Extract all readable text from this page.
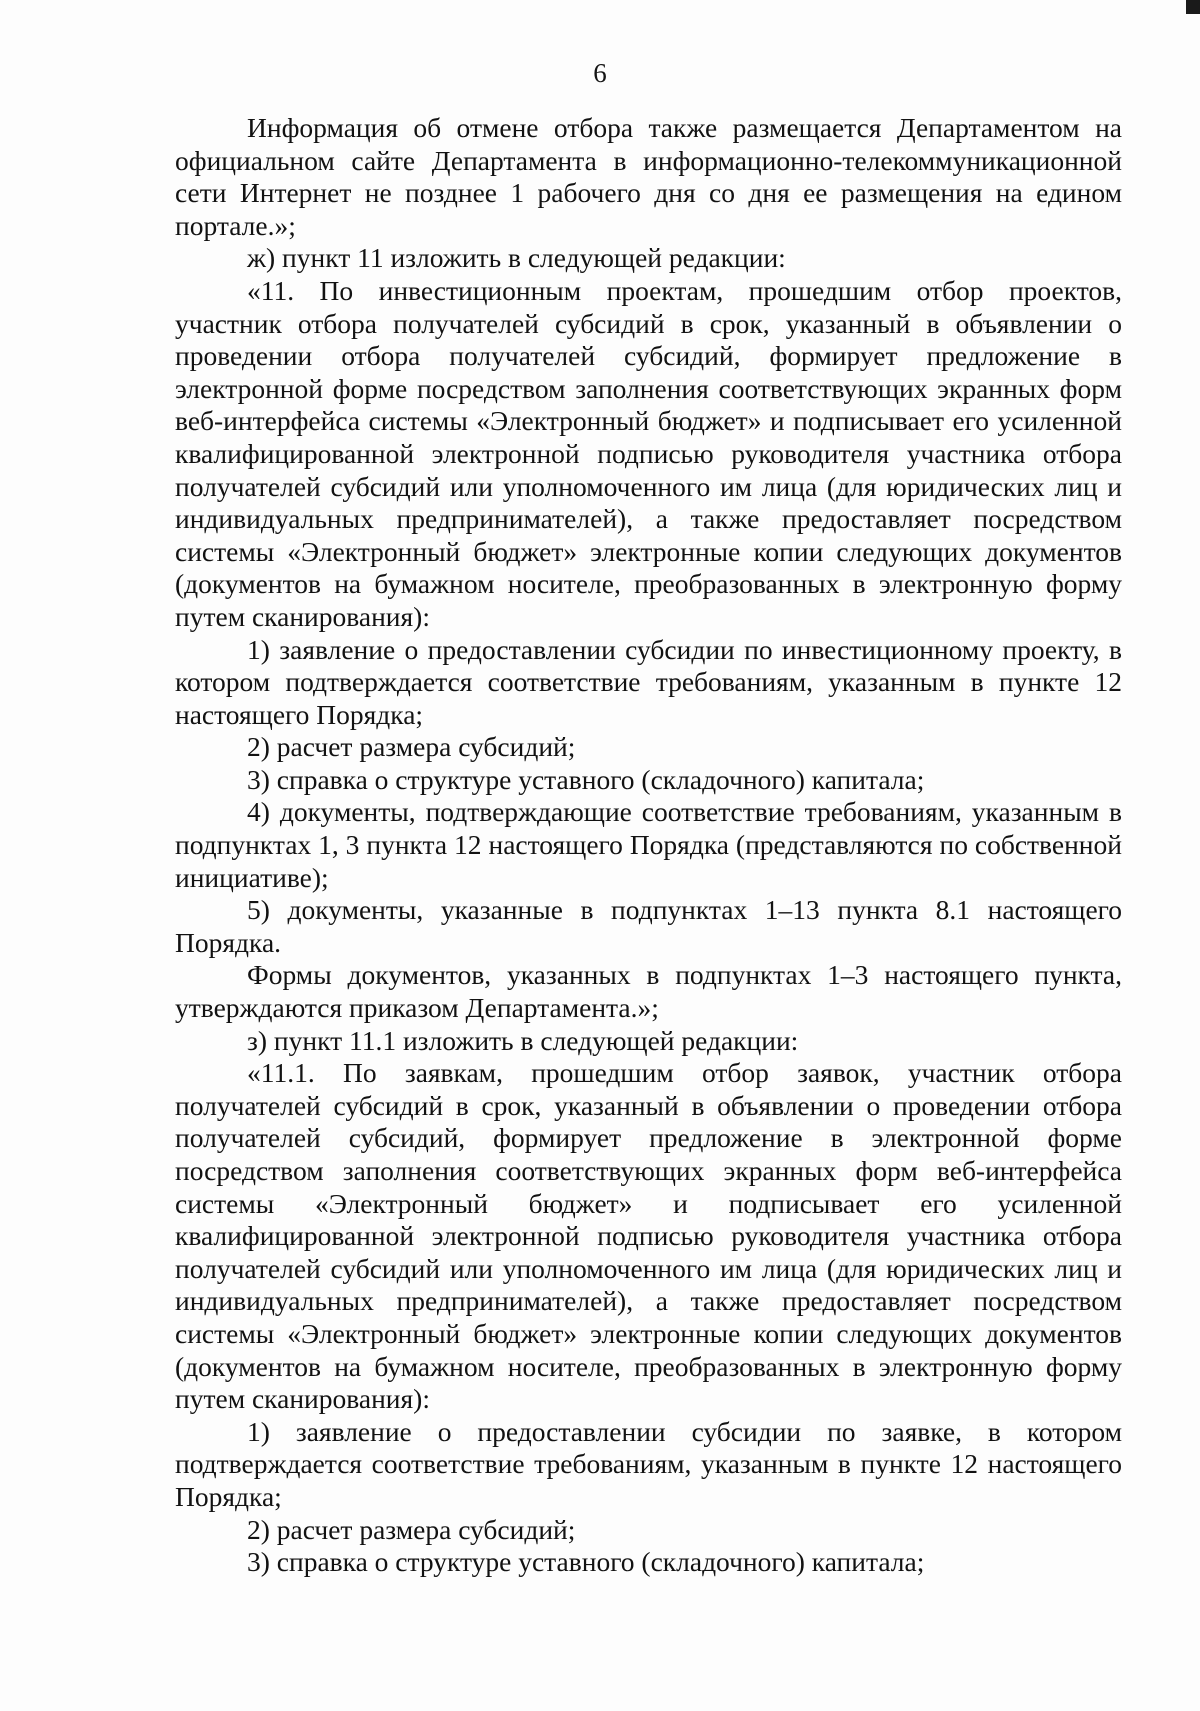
6

Информация об отмене отбора также размещается Департаментом на официальном сайте Департамента в информационно-телекоммуникационной сети Интернет не позднее 1 рабочего дня со дня ее размещения на едином портале.»;

ж) пункт 11 изложить в следующей редакции:

«11. По инвестиционным проектам, прошедшим отбор проектов, участник отбора получателей субсидий в срок, указанный в объявлении о проведении отбора получателей субсидий, формирует предложение в электронной форме посредством заполнения соответствующих экранных форм веб-интерфейса системы «Электронный бюджет» и подписывает его усиленной квалифицированной электронной подписью руководителя участника отбора получателей субсидий или уполномоченного им лица (для юридических лиц и индивидуальных предпринимателей), а также предоставляет посредством системы «Электронный бюджет» электронные копии следующих документов (документов на бумажном носителе, преобразованных в электронную форму путем сканирования):

1) заявление о предоставлении субсидии по инвестиционному проекту, в котором подтверждается соответствие требованиям, указанным в пункте 12 настоящего Порядка;

2) расчет размера субсидий;

3) справка о структуре уставного (складочного) капитала;

4) документы, подтверждающие соответствие требованиям, указанным в подпунктах 1, 3 пункта 12 настоящего Порядка (представляются по собственной инициативе);

5) документы, указанные в подпунктах 1–13 пункта 8.1 настоящего Порядка.

Формы документов, указанных в подпунктах 1–3 настоящего пункта, утверждаются приказом Департамента.»;

з) пункт 11.1 изложить в следующей редакции:

«11.1. По заявкам, прошедшим отбор заявок, участник отбора получателей субсидий в срок, указанный в объявлении о проведении отбора получателей субсидий, формирует предложение в электронной форме посредством заполнения соответствующих экранных форм веб-интерфейса системы «Электронный бюджет» и подписывает его усиленной квалифицированной электронной подписью руководителя участника отбора получателей субсидий или уполномоченного им лица (для юридических лиц и индивидуальных предпринимателей), а также предоставляет посредством системы «Электронный бюджет» электронные копии следующих документов (документов на бумажном носителе, преобразованных в электронную форму путем сканирования):

1) заявление о предоставлении субсидии по заявке, в котором подтверждается соответствие требованиям, указанным в пункте 12 настоящего Порядка;

2) расчет размера субсидий;

3) справка о структуре уставного (складочного) капитала;
